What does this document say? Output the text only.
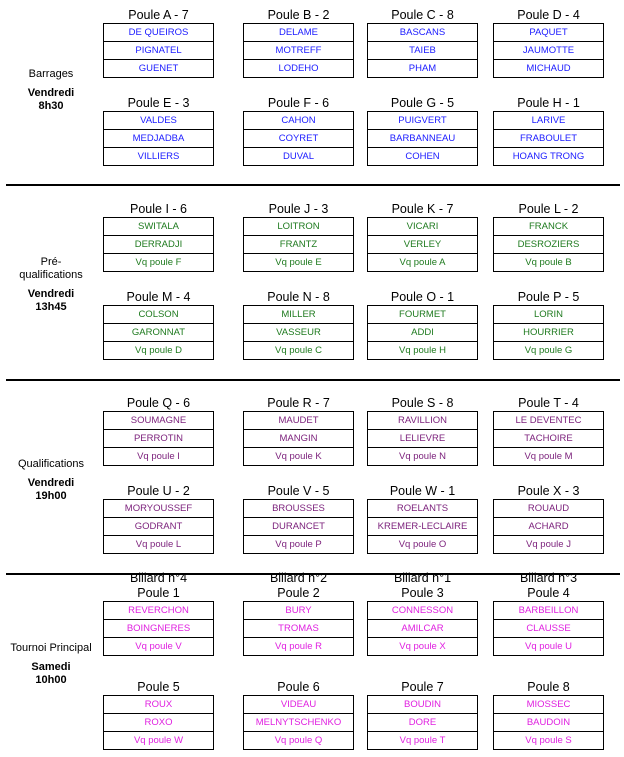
Barrages
Vendredi
8h30
Poule A - 7
DE QUEIROS
PIGNATEL
GUENET
Poule B - 2
DELAME
MOTREFF
LODEHO
Poule C - 8
BASCANS
TAIEB
PHAM
Poule D - 4
PAQUET
JAUMOTTE
MICHAUD
Poule E - 3
VALDES
MEDJADBA
VILLIERS
Poule F - 6
CAHON
COYRET
DUVAL
Poule G - 5
PUIGVERT
BARBANNEAU
COHEN
Poule H - 1
LARIVE
FRABOULET
HOANG TRONG
Pré-qualifications
Vendredi
13h45
Poule I - 6
SWITALA
DERRADJI
Vq poule F
Poule J - 3
LOITRON
FRANTZ
Vq poule E
Poule K - 7
VICARI
VERLEY
Vq poule A
Poule L - 2
FRANCK
DESROZIERS
Vq poule B
Poule M - 4
COLSON
GARONNAT
Vq poule D
Poule N - 8
MILLER
VASSEUR
Vq poule C
Poule O - 1
FOURMET
ADDI
Vq poule H
Poule P - 5
LORIN
HOURRIER
Vq poule G
Qualifications
Vendredi
19h00
Poule Q - 6
SOUMAGNE
PERROTIN
Vq poule I
Poule R - 7
MAUDET
MANGIN
Vq poule K
Poule S - 8
RAVILLION
LELIEVRE
Vq poule N
Poule T - 4
LE DEVENTEC
TACHOIRE
Vq poule M
Poule U - 2
MORYOUSSEF
GODRANT
Vq poule L
Poule V - 5
BROUSSES
DURANCET
Vq poule P
Poule W - 1
ROELANTS
KREMER-LECLAIRE
Vq poule O
Poule X - 3
ROUAUD
ACHARD
Vq poule J
Tournoi Principal
Samedi
10h00
Billard n°4
Poule 1
REVERCHON
BOINGNERES
Vq poule V
Billard n°2
Poule 2
BURY
TROMAS
Vq poule R
Billard n°1
Poule 3
CONNESSON
AMILCAR
Vq poule X
Billard n°3
Poule 4
BARBEILLON
CLAUSSE
Vq poule U
Poule 5
ROUX
ROXO
Vq poule W
Poule 6
VIDEAU
MELNYTSCHENKO
Vq poule Q
Poule 7
BOUDIN
DORE
Vq poule T
Poule 8
MIOSSEC
BAUDOIN
Vq poule S
